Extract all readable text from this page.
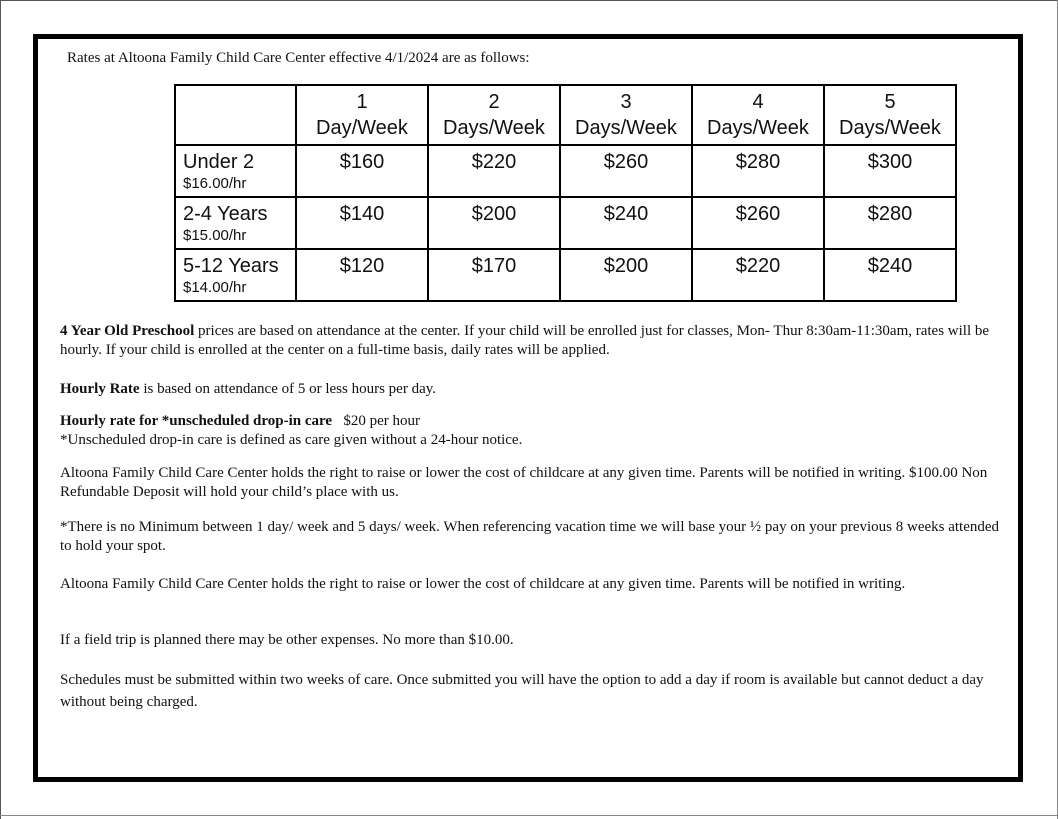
Rates at Altoona Family Child Care Center effective 4/1/2024 are as follows:

	1
Day/Week	2
Days/Week	3
Days/Week	4
Days/Week	5
Days/Week

Under 2
$16.00/hr	$160	$220	$260	$280	$300

2-4 Years
$15.00/hr	$140	$200	$240	$260	$280

5-12 Years
$14.00/hr	$120	$170	$200	$220	$240
4 Year Old Preschool prices are based on attendance at the center. If your child will be enrolled just for classes, Mon- Thur 8:30am-11:30am, rates will be hourly. If your child is enrolled at the center on a full-time basis, daily rates will be applied.
Hourly Rate is based on attendance of 5 or less hours per day.
Hourly rate for *unscheduled drop-in care   $20 per hour
*Unscheduled drop-in care is defined as care given without a 24-hour notice.
Altoona Family Child Care Center holds the right to raise or lower the cost of childcare at any given time. Parents will be notified in writing. $100.00 Non Refundable Deposit will hold your child’s place with us.
*There is no Minimum between 1 day/ week and 5 days/ week. When referencing vacation time we will base your ½ pay on your previous 8 weeks attended to hold your spot.
Altoona Family Child Care Center holds the right to raise or lower the cost of childcare at any given time. Parents will be notified in writing.
If a field trip is planned there may be other expenses. No more than $10.00.
Schedules must be submitted within two weeks of care. Once submitted you will have the option to add a day if room is available but cannot deduct a day without being charged.
